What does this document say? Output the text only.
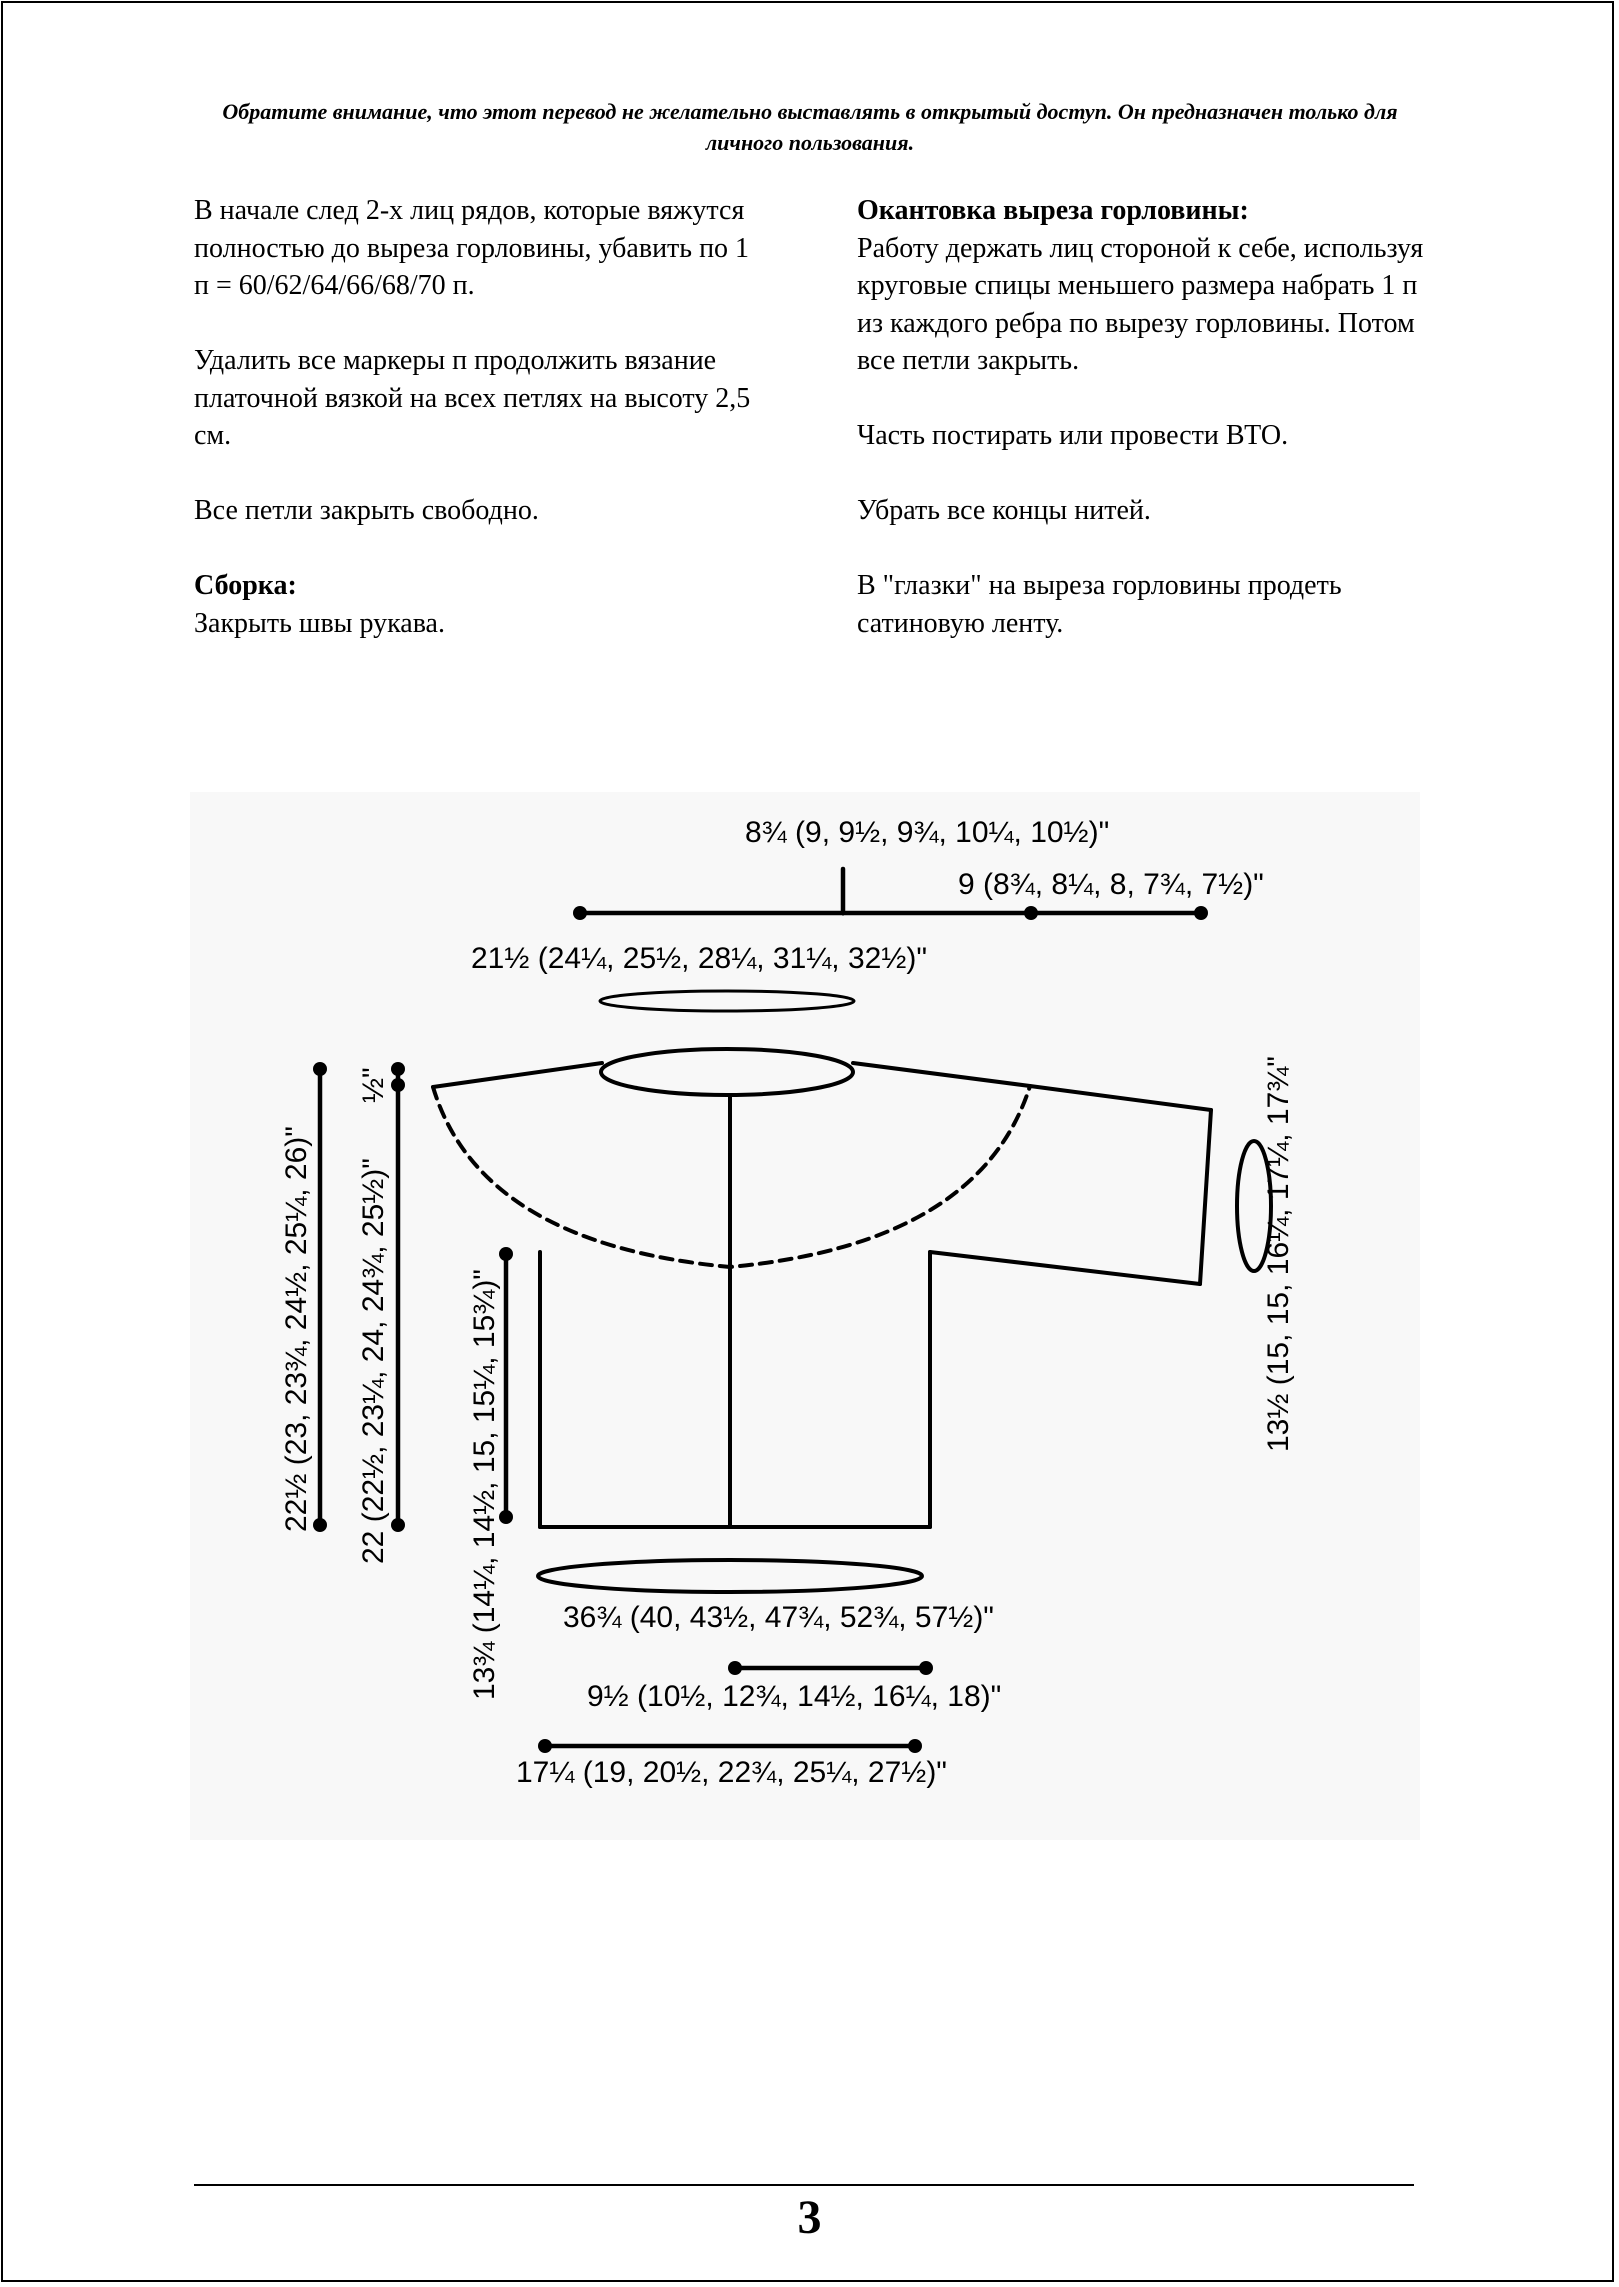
Обратите внимание, что этот перевод не желательно выставлять в открытый доступ. Он предназначен только для личного пользования.

В начале след 2-х лиц рядов, которые вяжутся полностью до выреза горловины, убавить по 1 п = 60/62/64/66/68/70 п.

Удалить все маркеры п продолжить вязание платочной вязкой на всех петлях на высоту 2,5 см.

Все петли закрыть свободно.

Сборка:

Закрыть швы рукава.

Окантовка выреза горловины:

Работу держать лиц стороной к себе, используя круговые спицы меньшего размера набрать 1 п из каждого ребра по вырезу горловины. Потом все петли закрыть.

Часть постирать или провести ВТО.

Убрать все концы нитей.

В "глазки" на выреза горловины продеть сатиновую ленту.

8¾ (9, 9½, 9¾, 10¼, 10½)"
9 (8¾, 8¼, 8, 7¾, 7½)"
21½ (24¼, 25½, 28¼, 31¼, 32½)"
36¾ (40, 43½, 47¾, 52¾, 57½)"
9½ (10½, 12¾, 14½, 16¼, 18)"
17¼ (19, 20½, 22¾, 25¼, 27½)"
22½ (23, 23¾, 24½, 25¼, 26)" 22 (22½, 23¼, 24, 24¾, 25½)"
½"
13¾ (14¼, 14½, 15, 15¼, 15¾)"
13½ (15, 15, 16¼, 17¼, 17¾"
3
